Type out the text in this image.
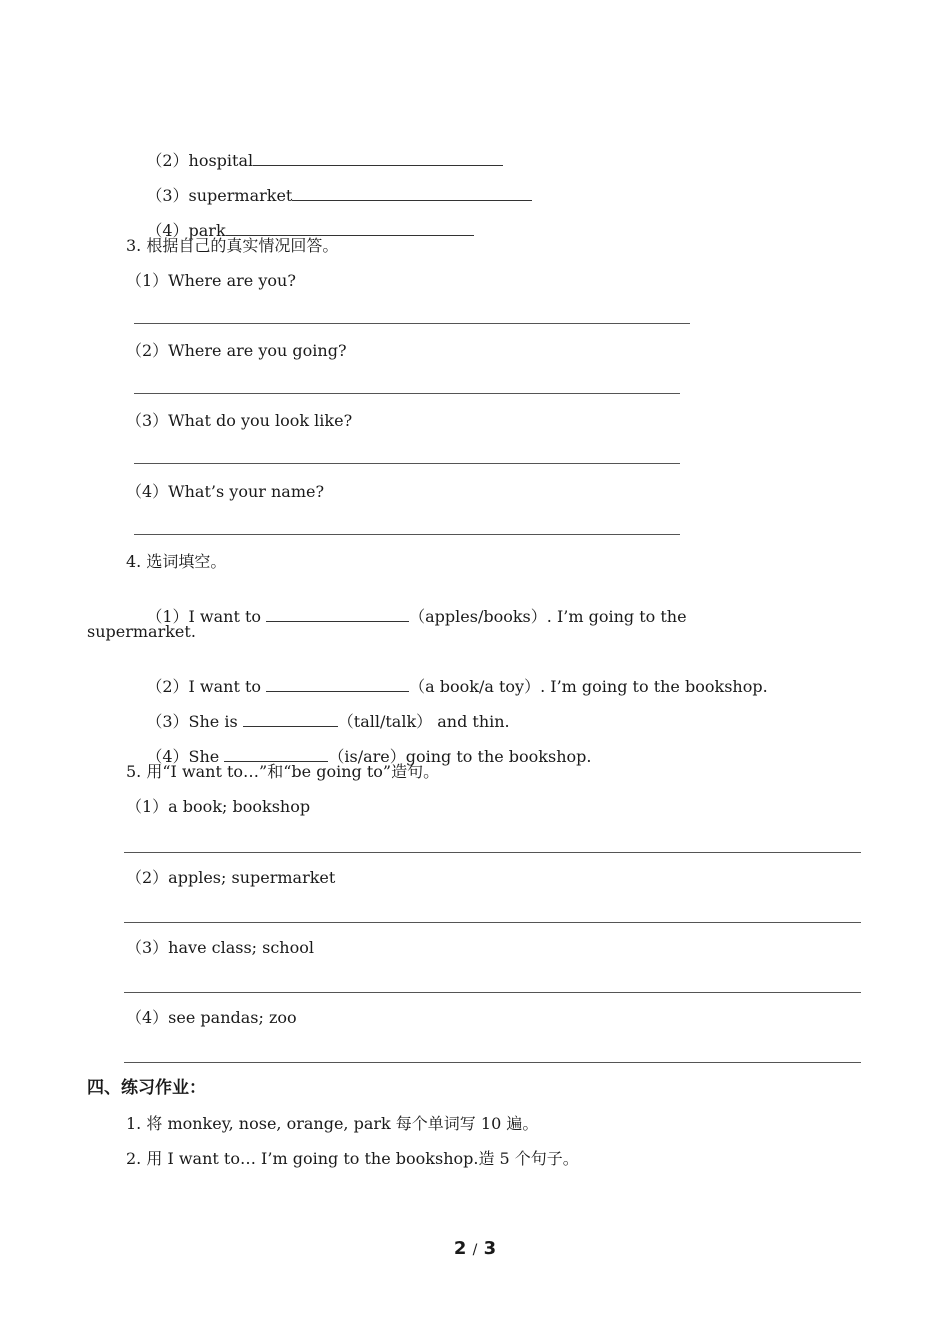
（2）hospital

（3）supermarket

（4）park

3. 根据自己的真实情况回答。
（1）Where are you?
（2）Where are you going?
（3）What do you look like?
（4）What’s your name?
4. 选词填空。

（1）I want to	（apples/books）. I’m going to the

supermarket.

（2）I want to	（a book/a toy）. I’m going to the bookshop.

（3）She is	（tall/talk） and thin.

（4）She	（is/are）going to the bookshop.

5. 用“I want to…”和“be going to”造句。
（1）a book; bookshop
（2）apples; supermarket
（3）have class; school
（4）see pandas; zoo
四、练习作业：
1. 将 monkey, nose, orange, park 每个单词写 10 遍。
2. 用 I want to… I’m going to the bookshop.造 5 个句子。
2 / 3
